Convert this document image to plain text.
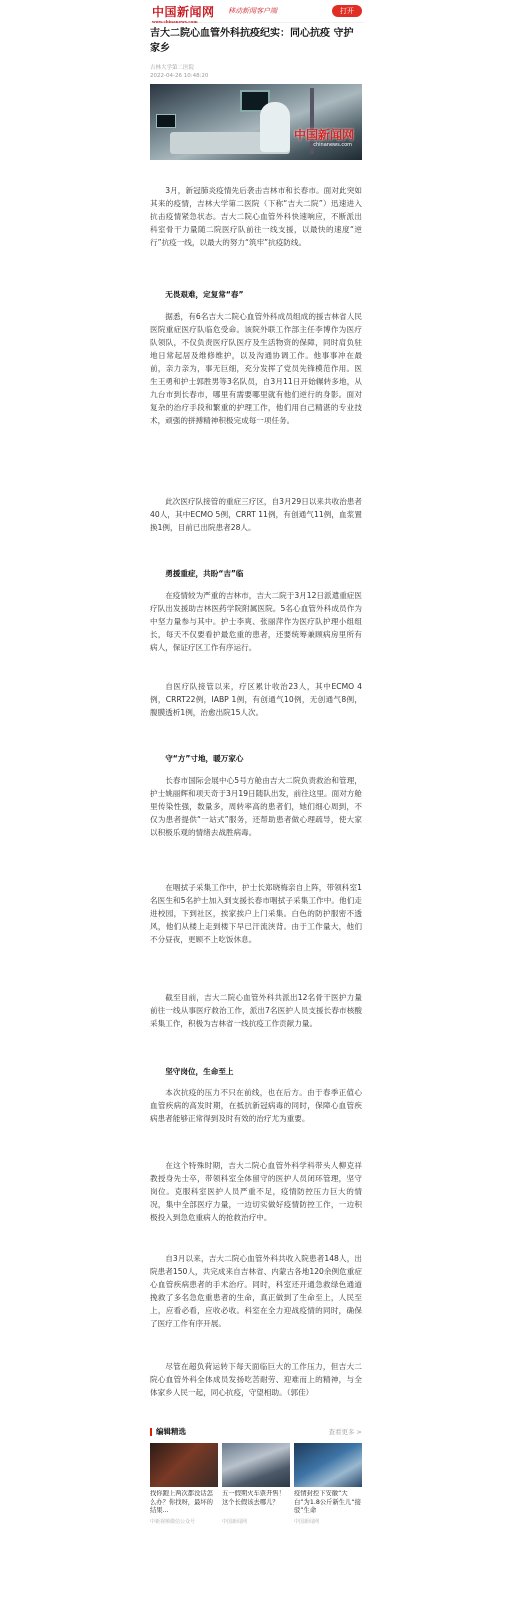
中国新闻网
www.chinanews.com
移动新闻客户端	打开
吉大二院心血管外科抗疫纪实：同心抗疫 守护家乡
吉林大学第二医院
2022-04-26 10:48:20
中国新闻网
chinanews.com

3月，新冠肺炎疫情先后袭击吉林市和长春市。面对此突如其来的疫情，吉林大学第二医院（下称“吉大二院”）迅速进入抗击疫情紧急状态。吉大二院心血管外科快速响应，不断派出科室骨干力量随二院医疗队前往一线支援，以最快的速度“逆行”抗疫一线，以最大的努力“筑牢”抗疫防线。

无畏艰难，定复常“春”

据悉，有6名吉大二院心血管外科成员组成的援吉林省人民医院重症医疗队临危受命。该院外联工作部主任李博作为医疗队领队，不仅负责医疗队医疗及生活物资的保障，同时肩负驻地日常起居及维修维护，以及沟通协调工作。他事事冲在最前，亲力亲为，事无巨细，充分发挥了党员先锋模范作用。医生王勇和护士郭胜男等3名队员，自3月11日开始辗转多地，从九台市到长春市，哪里有需要哪里就有他们逆行的身影。面对复杂的治疗手段和繁重的护理工作，他们用自己精湛的专业技术，顽强的拼搏精神积极完成每一项任务。

此次医疗队接管的重症三疗区，自3月29日以来共收治患者40人，其中ECMO 5例，CRRT 11例，有创通气11例，血浆置换1例，目前已出院患者28人。

勇援重症，共盼“吉”临

在疫情较为严重的吉林市，吉大二院于3月12日派遣重症医疗队出发援助吉林医药学院附属医院。5名心血管外科成员作为中坚力量参与其中。护士李爽、张丽萍作为医疗队护理小组组长，每天不仅要看护最危重的患者，还要统筹兼顾病房里所有病人，保证疗区工作有序运行。

自医疗队接管以来，疗区累计收治23人，其中ECMO 4例，CRRT22例，IABP 1例，有创通气10例，无创通气8例，腹膜透析1例，治愈出院15人次。

守“方”寸地，暖万家心

长春市国际会展中心5号方舱由吉大二院负责救治和管理，护士姚丽辉和项天奇于3月19日随队出发，前往这里。面对方舱里传染性强，数量多，周转率高的患者们，她们细心周到，不仅为患者提供“一站式”服务，还帮助患者做心理疏导，使大家以积极乐观的情绪去战胜病毒。

在咽拭子采集工作中，护士长郑晓梅亲自上阵，带领科室1名医生和5名护士加入到支援长春市咽拭子采集工作中。他们走进校园，下到社区，挨家挨户上门采集。白色的防护服密不透风，他们从楼上走到楼下早已汗流浃背。由于工作量大，他们不分昼夜，更顾不上吃饭休息。

截至目前，吉大二院心血管外科共派出12名骨干医护力量前往一线从事医疗救治工作，派出7名医护人员支援长春市核酸采集工作，积极为吉林省一线抗疫工作贡献力量。

坚守岗位，生命至上

本次抗疫的压力不只在前线，也在后方。由于春季正值心血管疾病的高发时期，在抵抗新冠病毒的同时，保障心血管疾病患者能够正常得到及时有效的治疗尤为重要。

在这个特殊时期，吉大二院心血管外科学科带头人柳克祥教授身先士卒，带领科室全体留守的医护人员闭环管理，坚守岗位。克服科室医护人员严重不足，疫情防控压力巨大的情况，集中全部医疗力量，一边切实做好疫情防控工作，一边积极投入到急危重病人的抢救治疗中。

自3月以来，吉大二院心血管外科共收入院患者148人，出院患者150人，共完成来自吉林省、内蒙古各地120余例危重症心血管疾病患者的手术治疗。同时，科室还开通急救绿色通道挽救了多名急危重患者的生命，真正做到了生命至上，人民至上，应看必看，应收必收。科室在全力迎战疫情的同时，确保了医疗工作有序开展。

尽管在超负荷运转下每天面临巨大的工作压力，但吉大二院心血管外科全体成员发扬吃苦耐劳、迎难而上的精神，与全体家乡人民一起，同心抗疫，守望相助。（郭佳）

编辑精选	查看更多 >
找你跑上两次都没话怎么办？你找呀，最坏的结果...
中新视频微信公众号
五一假期火车票开售！这个长假该去哪儿？
中国新闻网
疫情封控下安徽“大白”为1.8公斤新生儿“接驳”生命
中国新闻网
